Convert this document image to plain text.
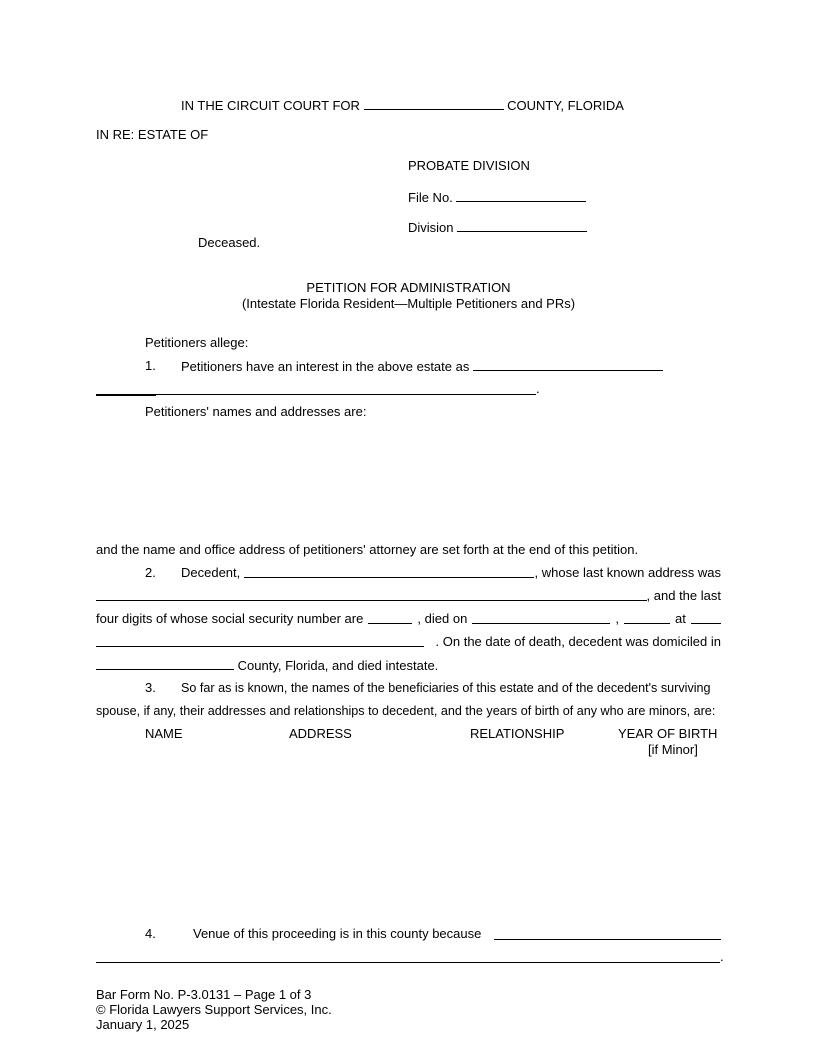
IN THE CIRCUIT COURT FOR	COUNTY, FLORIDA
IN RE: ESTATE OF
PROBATE DIVISION
File No.
Division
Deceased.
PETITION FOR ADMINISTRATION
(Intestate Florida Resident—Multiple Petitioners and PRs)
Petitioners allege:
1. Petitioners have an interest in the above estate as
.
Petitioners' names and addresses are:
and the name and office address of petitioners' attorney are set forth at the end of this petition.
2. Decedent,	, whose last known address was
, and the last
four digits of whose social security number are	, died on	,	at
. On the date of death, decedent was domiciled in
County, Florida, and died intestate.
3. So far as is known, the names of the beneficiaries of this estate and of the decedent's surviving
spouse, if any, their addresses and relationships to decedent, and the years of birth of any who are minors, are:
NAME	ADDRESS	RELATIONSHIP	YEAR OF BIRTH
[if Minor]
4.	Venue of this proceeding is in this county because
.
Bar Form No. P-3.0131 – Page 1 of 3
© Florida Lawyers Support Services, Inc.
January 1, 2025
